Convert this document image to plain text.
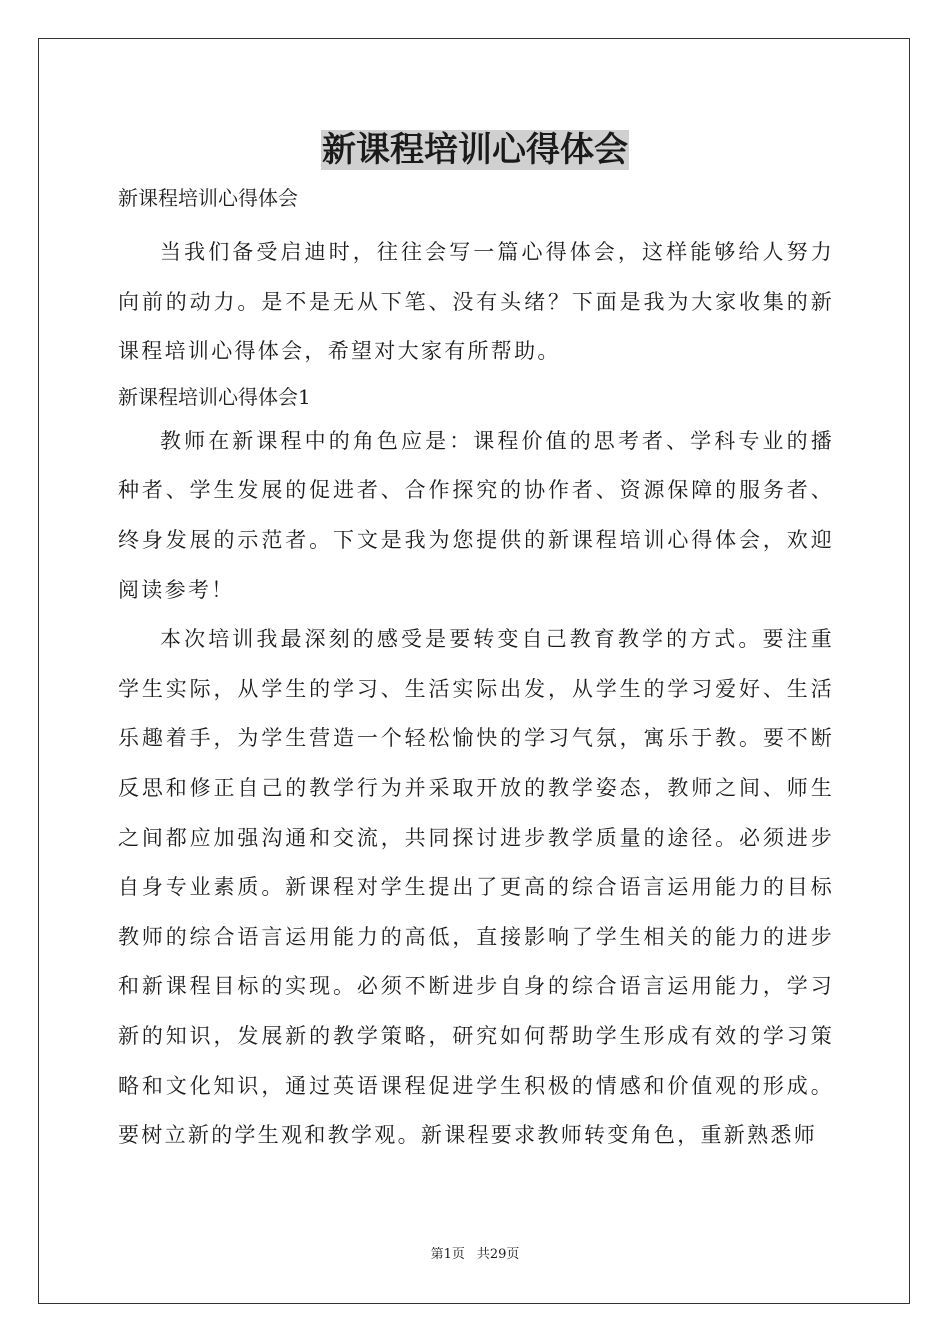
新课程培训心得体会

新课程培训心得体会

当我们备受启迪时，往往会写一篇心得体会，这样能够给人努力向前的动力。是不是无从下笔、没有头绪？下面是我为大家收集的新课程培训心得体会，希望对大家有所帮助。

新课程培训心得体会1

教师在新课程中的角色应是：课程价值的思考者、学科专业的播种者、学生发展的促进者、合作探究的协作者、资源保障的服务者、终身发展的示范者。下文是我为您提供的新课程培训心得体会，欢迎阅读参考！

本次培训我最深刻的感受是要转变自己教育教学的方式。要注重学生实际，从学生的学习、生活实际出发，从学生的学习爱好、生活乐趣着手，为学生营造一个轻松愉快的学习气氛，寓乐于教。要不断反思和修正自己的教学行为并采取开放的教学姿态，教师之间、师生之间都应加强沟通和交流，共同探讨进步教学质量的途径。必须进步自身专业素质。新课程对学生提出了更高的综合语言运用能力的目标教师的综合语言运用能力的高低，直接影响了学生相关的能力的进步和新课程目标的实现。必须不断进步自身的综合语言运用能力，学习新的知识，发展新的教学策略，研究如何帮助学生形成有效的学习策略和文化知识，通过英语课程促进学生积极的情感和价值观的形成。要树立新的学生观和教学观。新课程要求教师转变角色，重新熟悉师

第1页 共29页
